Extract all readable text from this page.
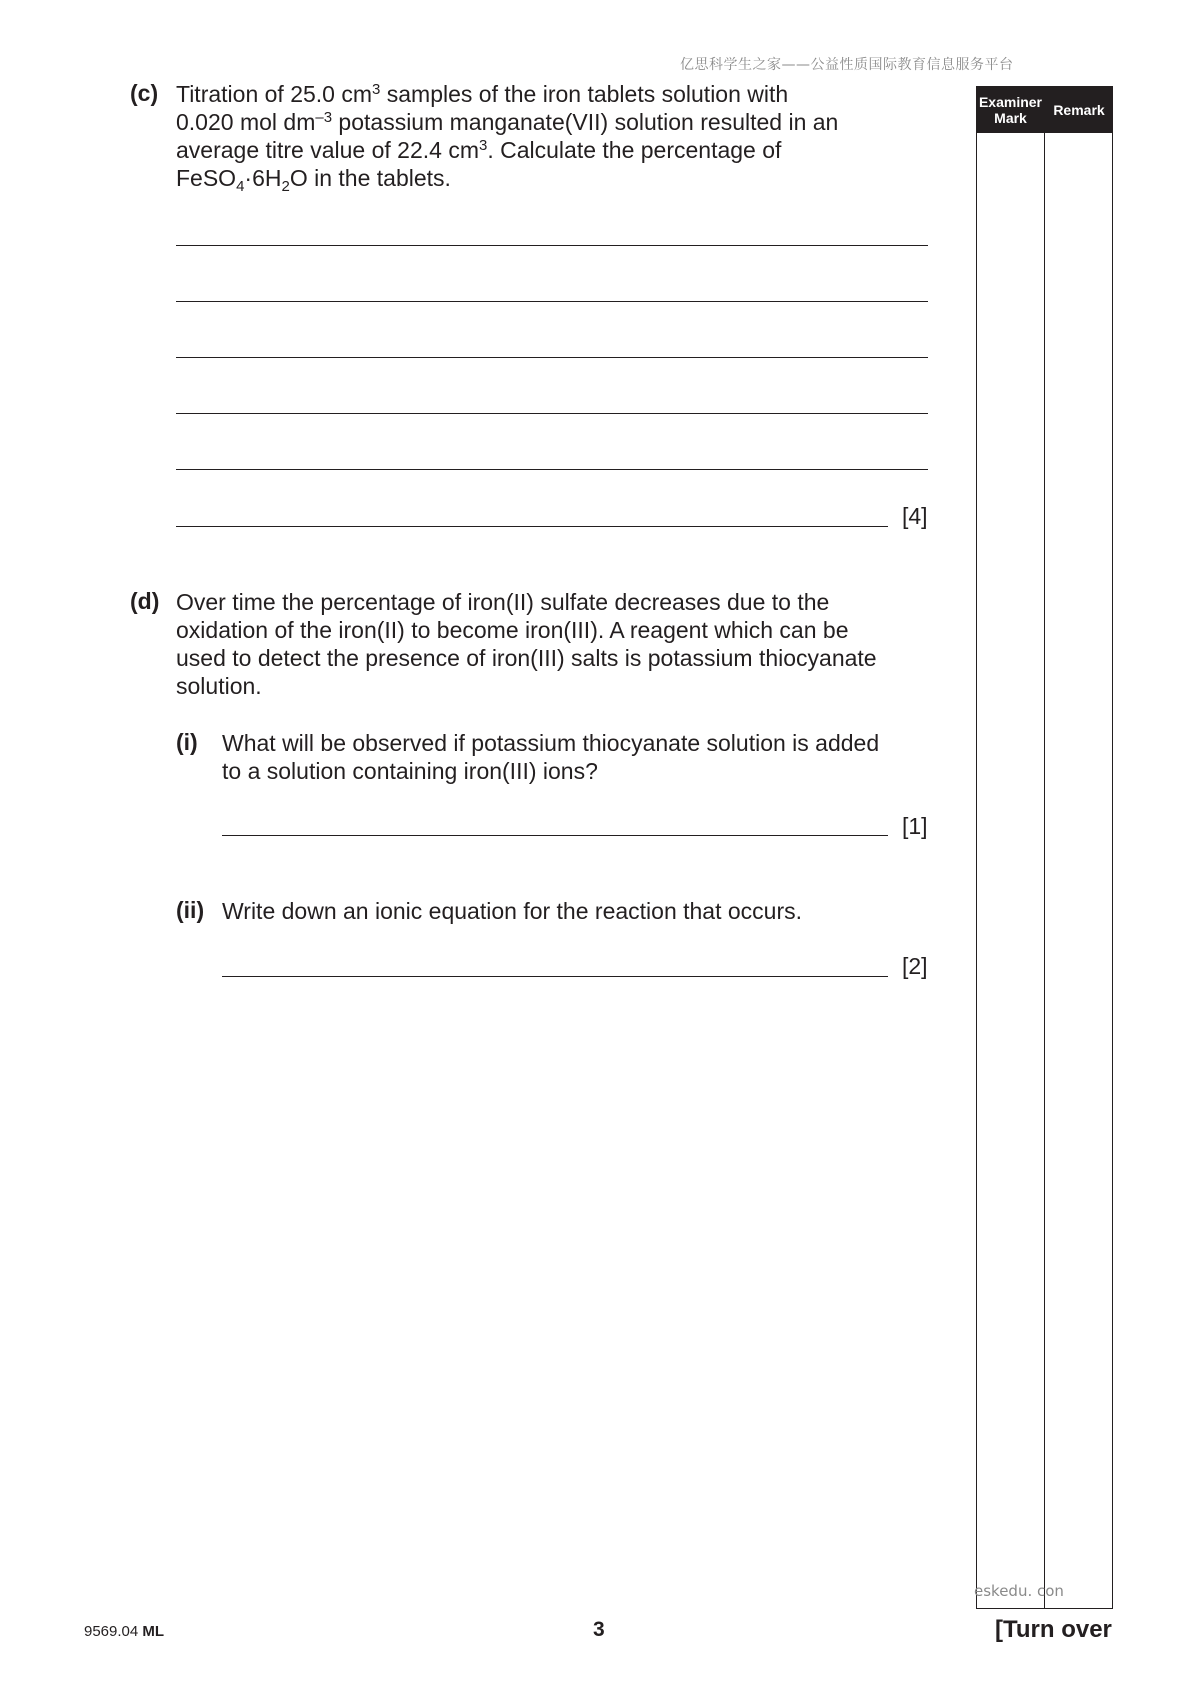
亿思科学生之家——公益性质国际教育信息服务平台
(c) Titration of 25.0 $cm^3$ samples of the iron tablets solution with

0.020 mol $dm^{-3}$ potassium manganate(VII) solution resulted in an

average titre value of 22.4 $cm^3$. Calculate the percentage of

$FeSO_4\cdot 6H_2O$ in the tablets.

[4]
(d) Over time the percentage of iron(II) sulfate decreases due to the

oxidation of the iron(II) to become iron(III). A reagent which can be

used to detect the presence of iron(III) salts is potassium thiocyanate

solution.

(i) What will be observed if potassium thiocyanate solution is added

to a solution containing iron(III) ions?

[1]
(ii) Write down an ionic equation for the reaction that occurs.
[2]
Examiner
Mark	Remark
eskedu. con
9569.04 ML	3	[Turn over
